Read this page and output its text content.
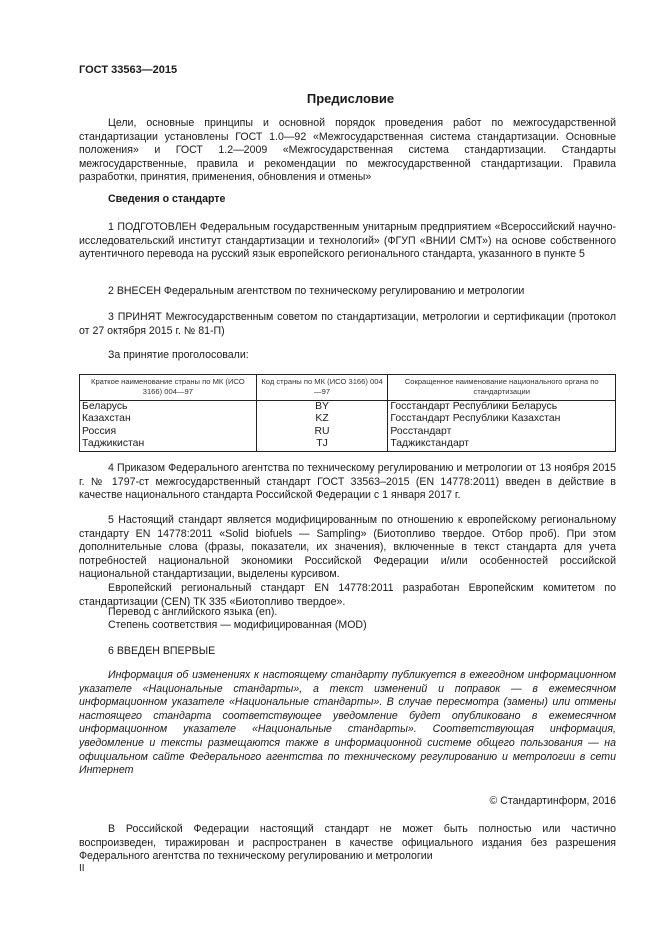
ГОСТ 33563—2015
Предисловие
Цели, основные принципы и основной порядок проведения работ по межгосударственной стандартизации установлены ГОСТ 1.0—92 «Межгосударственная система стандартизации. Основные положения» и ГОСТ 1.2—2009 «Межгосударственная система стандартизации. Стандарты межгосударственные, правила и рекомендации по межгосударственной стандартизации. Правила разработки, принятия, применения, обновления и отмены»
Сведения о стандарте
1 ПОДГОТОВЛЕН Федеральным государственным унитарным предприятием «Всероссийский научно-исследовательский институт стандартизации и технологий» (ФГУП «ВНИИ СМТ») на основе собственного аутентичного перевода на русский язык европейского регионального стандарта, указанного в пункте 5
2 ВНЕСЕН Федеральным агентством по техническому регулированию и метрологии
3 ПРИНЯТ Межгосударственным советом по стандартизации, метрологии и сертификации (протокол от 27 октября 2015 г. № 81-П)
За принятие проголосовали:
Краткое наименование страны по МК (ИСО 3166) 004—97	Код страны по МК (ИСО 3166) 004—97	Сокращенное наименование национального органа по стандартизации
Беларусь	BY	Госстандарт Республики Беларусь
Казахстан	KZ	Госстандарт Республики Казахстан
Россия	RU	Росстандарт
Таджикистан	TJ	Таджикстандарт
4 Приказом Федерального агентства по техническому регулированию и метрологии от 13 ноября 2015 г. № 1797-ст межгосударственный стандарт ГОСТ 33563–2015 (EN 14778:2011) введен в действие в качестве национального стандарта Российской Федерации с 1 января 2017 г.
5 Настоящий стандарт является модифицированным по отношению к европейскому региональному стандарту EN 14778:2011 «Solid biofuels — Sampling» (Биотопливо твердое. Отбор проб). При этом дополнительные слова (фразы, показатели, их значения), включенные в текст стандарта для учета потребностей национальной экономики Российской Федерации и/или особенностей российской национальной стандартизации, выделены курсивом.
Европейский региональный стандарт EN 14778:2011 разработан Европейским комитетом по стандартизации (CEN) ТК 335 «Биотопливо твердое».
Перевод с английского языка (en).
Степень соответствия — модифицированная (MOD)
6 ВВЕДЕН ВПЕРВЫЕ
Информация об изменениях к настоящему стандарту публикуется в ежегодном информационном указателе «Национальные стандарты», а текст изменений и поправок — в ежемесячном информационном указателе «Национальные стандарты». В случае пересмотра (замены) или отмены настоящего стандарта соответствующее уведомление будет опубликовано в ежемесячном информационном указателе «Национальные стандарты». Соответствующая информация, уведомление и тексты размещаются также в информационной системе общего пользования — на официальном сайте Федерального агентства по техническому регулированию и метрологии в сети Интернет
© Стандартинформ, 2016
В Российской Федерации настоящий стандарт не может быть полностью или частично воспроизведен, тиражирован и распространен в качестве официального издания без разрешения Федерального агентства по техническому регулированию и метрологии
II
